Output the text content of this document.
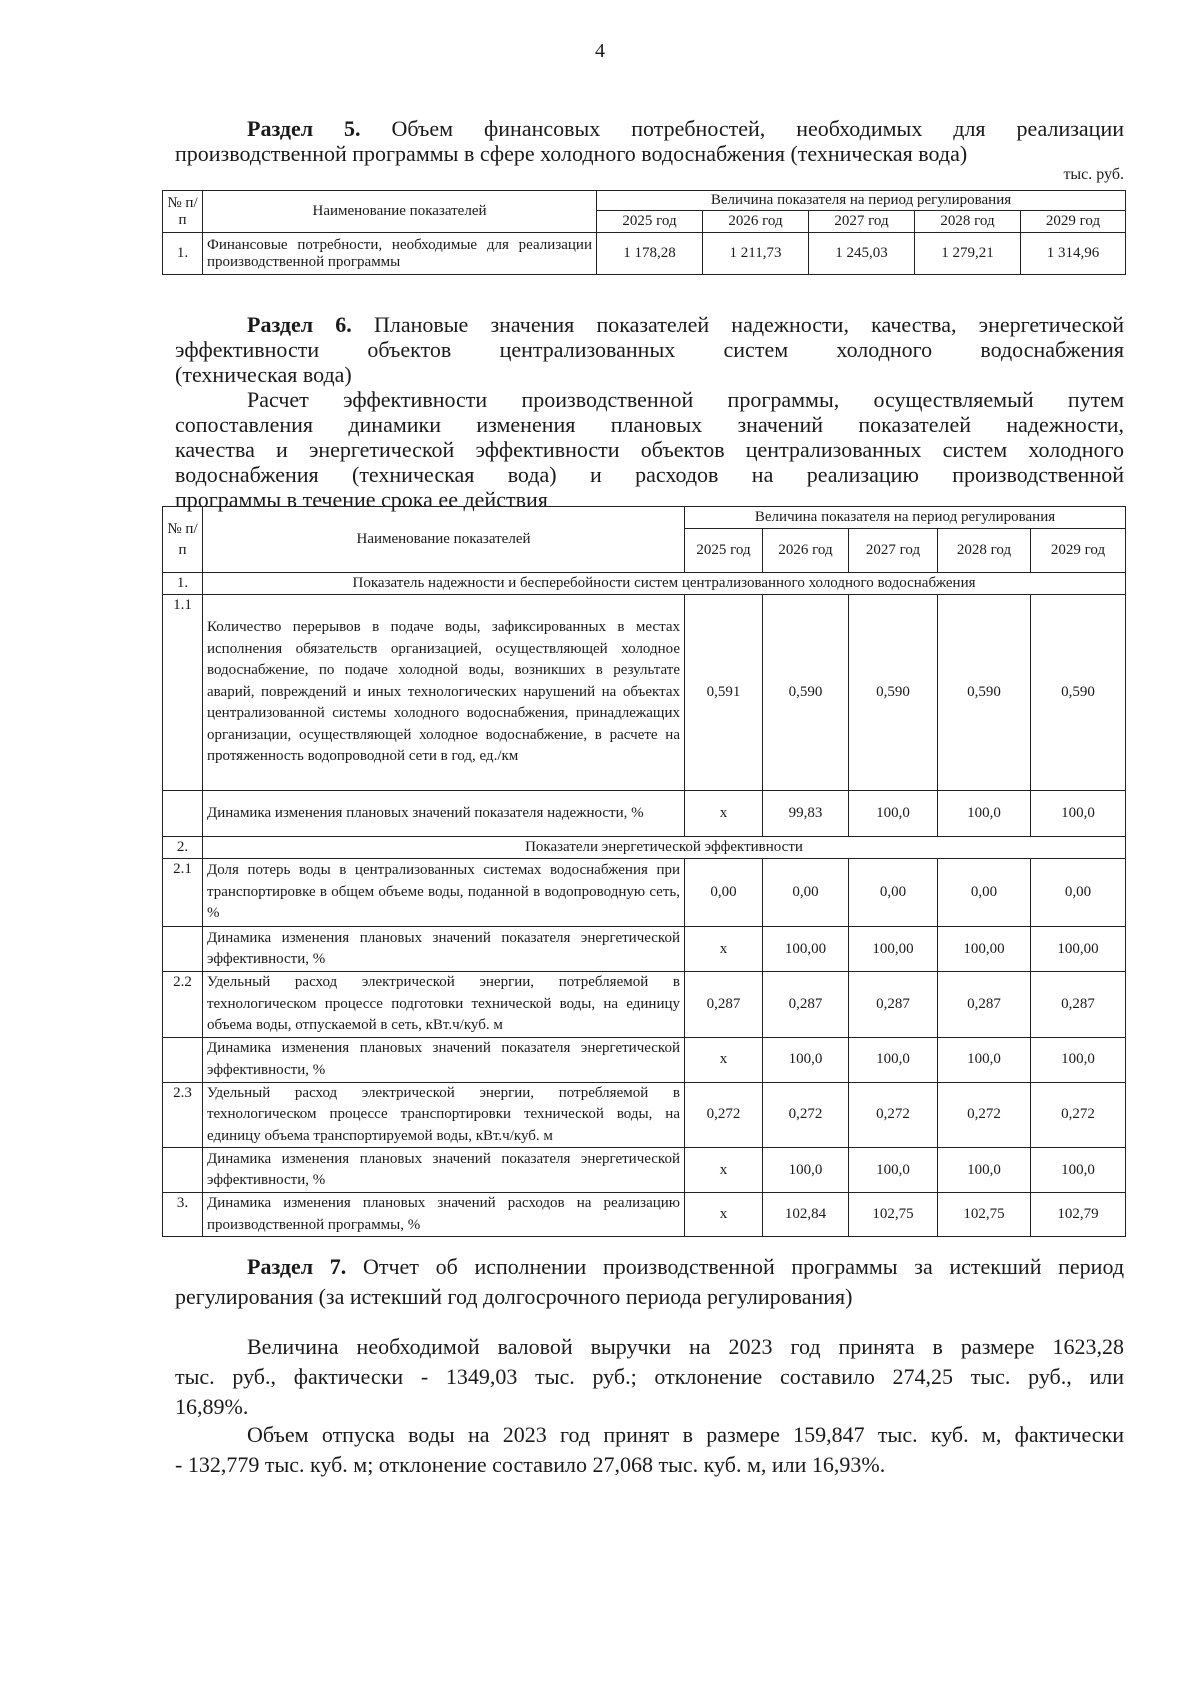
4

Раздел 5. Объем финансовых потребностей, необходимых для реализации

производственной программы в сфере холодного водоснабжения (техническая вода)

тыс. руб.
№ п/п	Наименование показателей	Величина показателя на период регулирования				
		2025 год	2026 год	2027 год	2028 год	2029 год
1.	Финансовые потребности, необходимые для реализации производственной программы	1 178,28	1 211,73	1 245,03	1 279,21	1 314,96

Раздел 6. Плановые значения показателей надежности, качества, энергетической

эффективности объектов централизованных систем холодного водоснабжения

(техническая вода)

Расчет эффективности производственной программы, осуществляемый путем

сопоставления динамики изменения плановых значений показателей надежности,

качества и энергетической эффективности объектов централизованных систем холодного

водоснабжения (техническая вода) и расходов на реализацию производственной

программы в течение срока ее действия

№ п/п	Наименование показателей	Величина показателя на период регулирования				
		2025 год	2026 год	2027 год	2028 год	2029 год

1.	Показатель надежности и бесперебойности систем централизованного холодного водоснабжения					
1.1	Количество перерывов в подаче воды, зафиксированных в местах исполнения обязательств организацией, осуществляющей холодное водоснабжение, по подаче холодной воды, возникших в результате аварий, повреждений и иных технологических нарушений на объектах централизованной системы холодного водоснабжения, принадлежащих организации, осуществляющей холодное водоснабжение, в расчете на протяженность водопроводной сети в год, ед./км	0,591	0,590	0,590	0,590	0,590
	Динамика изменения плановых значений показателя надежности, %	х	99,83	100,0	100,0	100,0
2.	Показатели энергетической эффективности					
2.1	Доля потерь воды в централизованных системах водоснабжения при транспортировке в общем объеме воды, поданной в водопроводную сеть, %	0,00	0,00	0,00	0,00	0,00
	Динамика изменения плановых значений показателя энергетической эффективности, %	х	100,00	100,00	100,00	100,00
2.2	Удельный расход электрической энергии, потребляемой в технологическом процессе подготовки технической воды, на единицу объема воды, отпускаемой в сеть, кВт.ч/куб. м	0,287	0,287	0,287	0,287	0,287
	Динамика изменения плановых значений показателя энергетической эффективности, %	х	100,0	100,0	100,0	100,0
2.3	Удельный расход электрической энергии, потребляемой в технологическом процессе транспортировки технической воды, на единицу объема транспортируемой воды, кВт.ч/куб. м	0,272	0,272	0,272	0,272	0,272
	Динамика изменения плановых значений показателя энергетической эффективности, %	х	100,0	100,0	100,0	100,0
3.	Динамика изменения плановых значений расходов на реализацию производственной программы, %	х	102,84	102,75	102,75	102,79

Раздел 7. Отчет об исполнении производственной программы за истекший период

регулирования (за истекший год долгосрочного периода регулирования)

Величина необходимой валовой выручки на 2023 год принята в размере 1623,28

тыс. руб., фактически - 1349,03 тыс. руб.; отклонение составило 274,25 тыс. руб., или

16,89%.

Объем отпуска воды на 2023 год принят в размере 159,847 тыс. куб. м, фактически

- 132,779 тыс. куб. м; отклонение составило 27,068 тыс. куб. м, или 16,93%.
